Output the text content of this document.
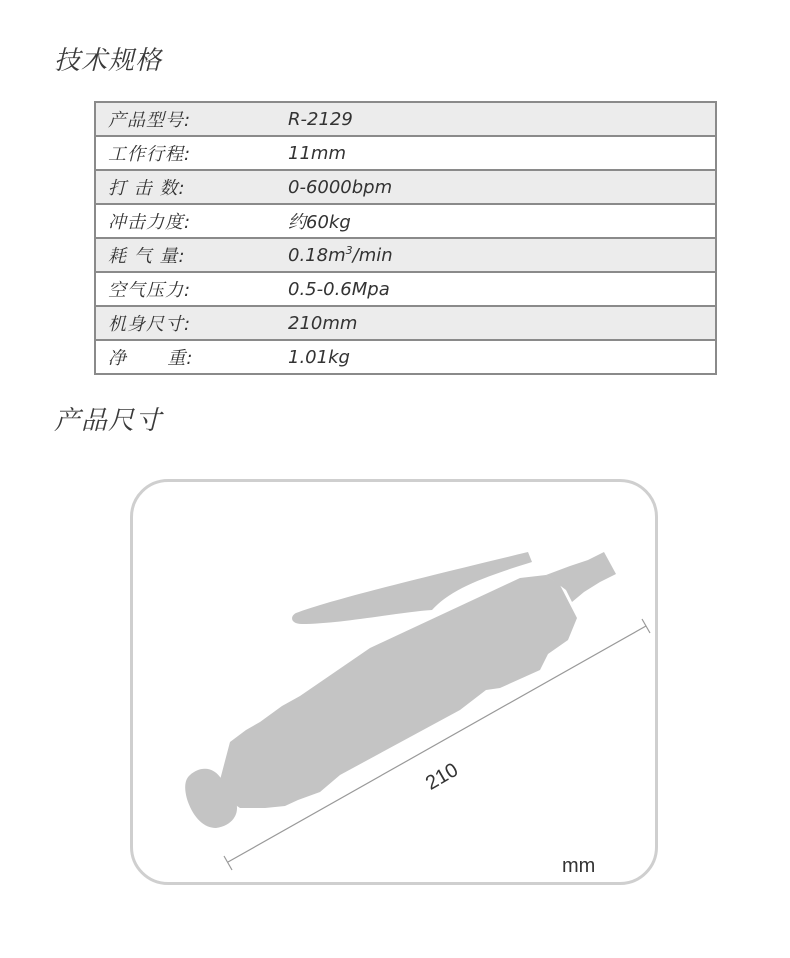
技术规格
产品型号:	R-2129
工作行程:	11mm
打 击 数:	0-6000bpm
冲击力度:	约60kg
耗 气 量:	$0.18m^3/\min$
空气压力:	0.5-0.6Mpa
机身尺寸:	210mm
净      重:	1.01kg
产品尺寸
210
mm
